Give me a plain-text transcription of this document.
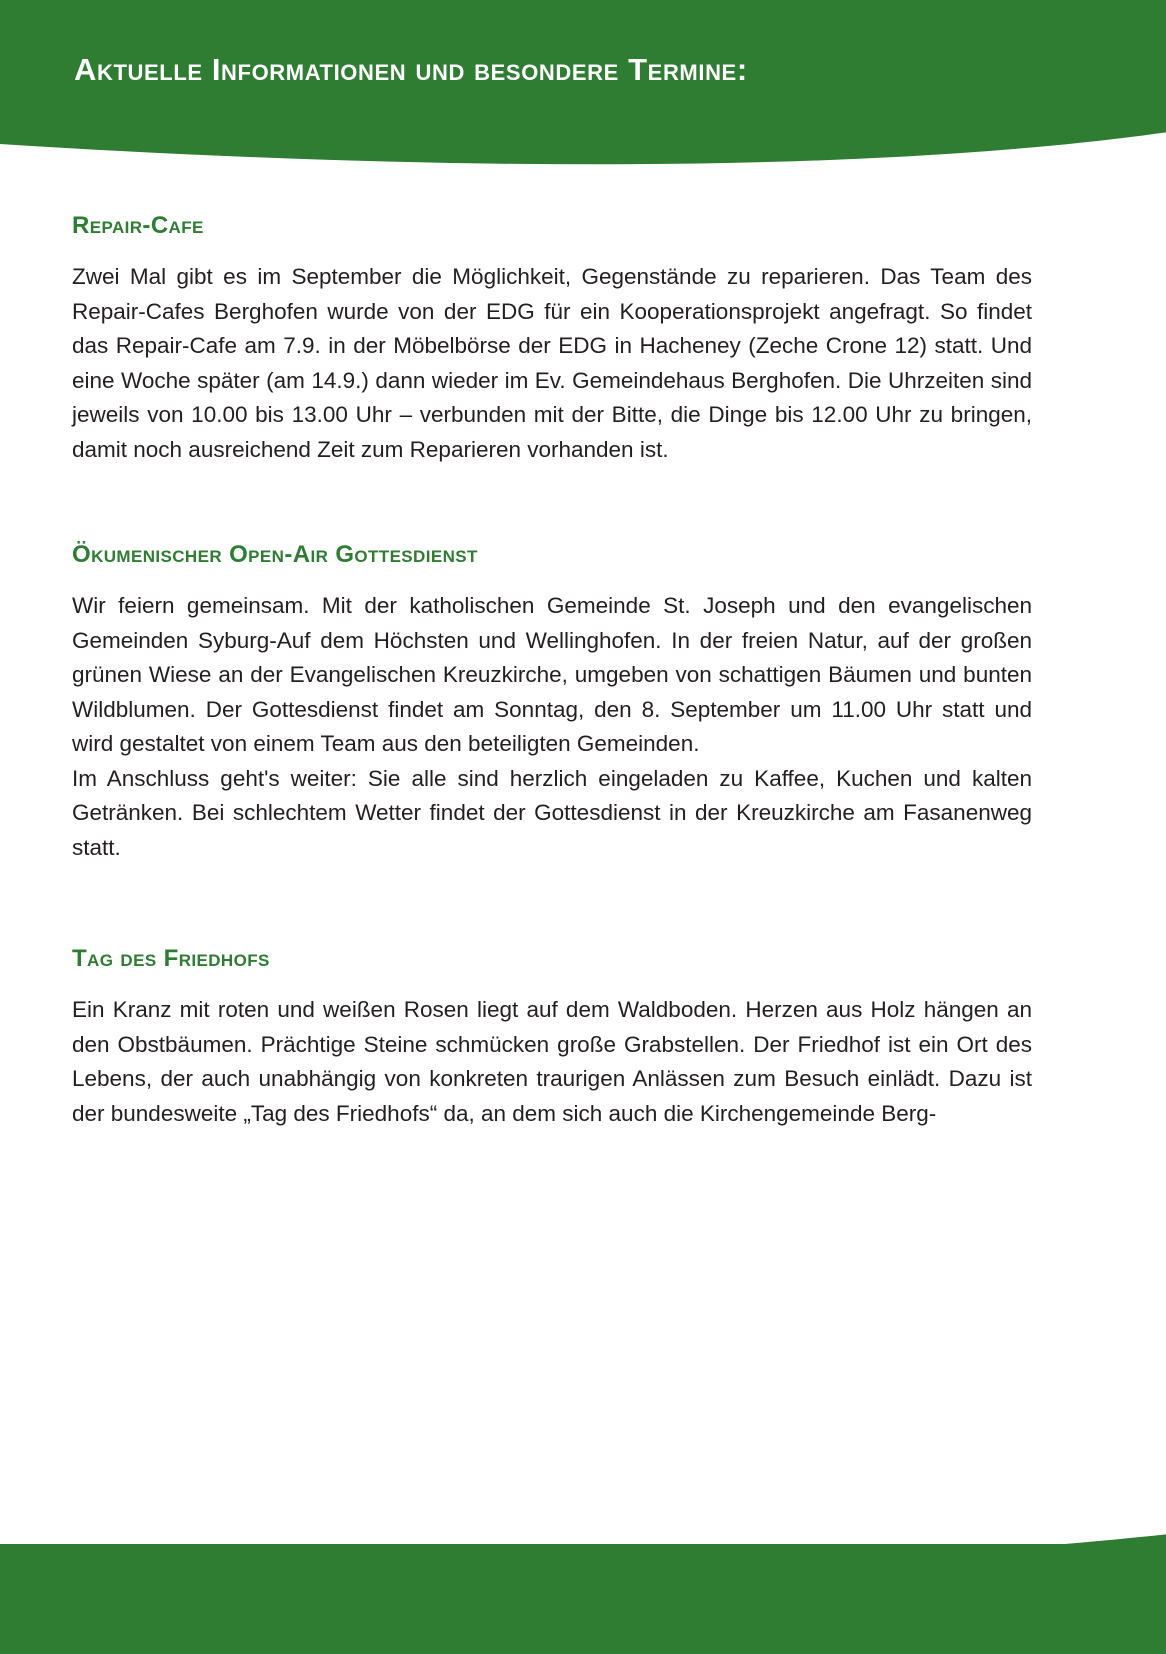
Aktuelle Informationen und besondere Termine:
Repair-Cafe

Zwei Mal gibt es im September die Möglichkeit, Gegenstände zu reparieren. Das Team des Repair-Cafes Berghofen wurde von der EDG für ein Kooperationsprojekt angefragt. So findet das Repair-Cafe am 7.9. in der Möbelbörse der EDG in Hacheney (Zeche Crone 12) statt. Und eine Woche später (am 14.9.) dann wieder im Ev. Gemeindehaus Berghofen. Die Uhrzeiten sind jeweils von 10.00 bis 13.00 Uhr – verbunden mit der Bitte, die Dinge bis 12.00 Uhr zu bringen, damit noch ausreichend Zeit zum Reparieren vorhanden ist.

Ökumenischer Open-Air Gottesdienst

Wir feiern gemeinsam. Mit der katholischen Gemeinde St. Joseph und den evangelischen Gemeinden Syburg-Auf dem Höchsten und Wellinghofen. In der freien Natur, auf der großen grünen Wiese an der Evangelischen Kreuzkirche, umgeben von schattigen Bäumen und bunten Wildblumen. Der Gottesdienst findet am Sonntag, den 8. September um 11.00 Uhr statt und wird gestaltet von einem Team aus den beteiligten Gemeinden.

Im Anschluss geht's weiter: Sie alle sind herzlich eingeladen zu Kaffee, Kuchen und kalten Getränken. Bei schlechtem Wetter findet der Gottesdienst in der Kreuzkirche am Fasanenweg statt.

Tag des Friedhofs

Ein Kranz mit roten und weißen Rosen liegt auf dem Waldboden. Herzen aus Holz hängen an den Obstbäumen. Prächtige Steine schmücken große Grabstellen. Der Friedhof ist ein Ort des Lebens, der auch unabhängig von konkreten traurigen Anlässen zum Besuch einlädt. Dazu ist der bundesweite „Tag des Friedhofs“ da, an dem sich auch die Kirchengemeinde Berg-
